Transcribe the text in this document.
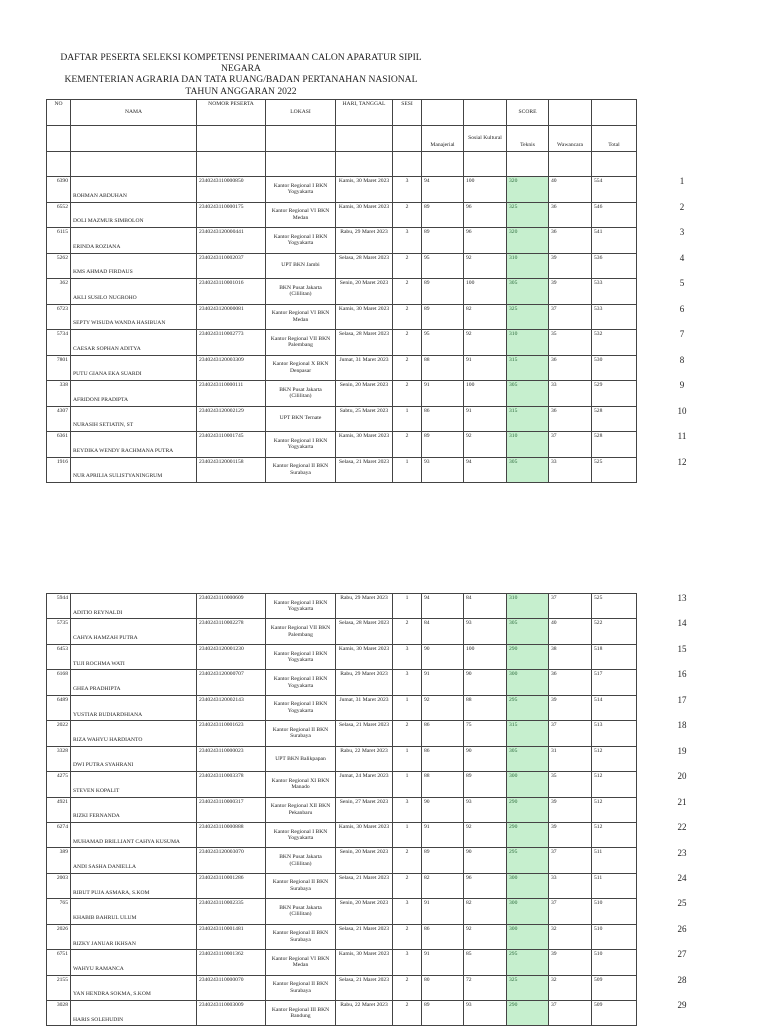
DAFTAR PESERTA SELEKSI KOMPETENSI PENERIMAAN CALON APARATUR SIPIL
NEGARA
KEMENTERIAN AGRARIA DAN TATA RUANG/BADAN PERTANAHAN NASIONAL
TAHUN ANGGARAN 2022
NO	NAMA	NOMOR PESERTA	LOKASI	HARI, TANGGAL	SESI			SCORE		
						Manajerial	Sosial Kultural	Teknis	Wawancara	Total

6390	ROHMAN ABDUHAN	2340243110000850	Kantor Regional I BKN Yogyakarta	Kamis, 30 Maret 2023	3	94	100	320	40	554
6552	DOLI MAZMUR SIMBOLON	2340243110000175	Kantor Regional VI BKN Medan	Kamis, 30 Maret 2023	2	89	96	325	36	546
6115	ERINDA ROZIANA	2340243120000441	Kantor Regional I BKN Yogyakarta	Rabu, 29 Maret 2023	3	89	96	320	36	541
5262	KMS AHMAD FIRDAUS	2340243110002037	UPT BKN Jambi	Selasa, 28 Maret 2023	2	95	92	310	39	536
362	AKLI SUSILO NUGROHO	2340243110001016	BKN Pusat Jakarta (Cililitan)	Senin, 20 Maret 2023	2	89	100	305	39	533
6723	SEPTY WISUDA WANDA HASIBUAN	2340243120000081	Kantor Regional VI BKN Medan	Kamis, 30 Maret 2023	2	89	82	325	37	533
5734	CAESAR SOPHAN ADITYA	2340243110002773	Kantor Regional VII BKN Palembang	Selasa, 28 Maret 2023	2	95	92	310	35	532
7801	PUTU GIANA EKA SUARDI	2340243120003309	Kantor Regional X BKN Denpasar	Jumat, 31 Maret 2023	2	88	91	315	36	530
338	AFRIDONI PRADIPTA	2340243110000111	BKN Pusat Jakarta (Cililitan)	Senin, 20 Maret 2023	2	91	100	305	33	529
4307	NURASIH SETIATIN, ST	2340243120002129	UPT BKN Ternate	Sabtu, 25 Maret 2023	1	86	91	315	36	528
6361	REYDIKA WENDY RACHMANA PUTRA	2340243110001745	Kantor Regional I BKN Yogyakarta	Kamis, 30 Maret 2023	2	89	92	310	37	528
1916	NUR APRILIA SULISTYANINGRUM	2340243120001158	Kantor Regional II BKN Surabaya	Selasa, 21 Maret 2023	1	93	94	305	33	525
5944	ADITIO REYNALDI	2340243110000609	Kantor Regional I BKN Yogyakarta	Rabu, 29 Maret 2023	1	94	84	310	37	525
5735	CAHYA HAMZAH PUTRA	2340243110002278	Kantor Regional VII BKN Palembang	Selasa, 28 Maret 2023	2	84	93	305	40	522
6453	TUJI ROCHMA WATI	2340243120001230	Kantor Regional I BKN Yogyakarta	Kamis, 30 Maret 2023	3	90	100	290	38	518
6168	GHEA PRADHIPTA	2340243120000707	Kantor Regional I BKN Yogyakarta	Rabu, 29 Maret 2023	3	91	90	300	36	517
6489	YUSTIAR BUDIARDHIANA	2340243120002143	Kantor Regional I BKN Yogyakarta	Jumat, 31 Maret 2023	1	92	88	295	39	514
2022	RIZA WAHYU HARDIANTO	2340243110001623	Kantor Regional II BKN Surabaya	Selasa, 21 Maret 2023	2	86	75	315	37	513
3328	DWI PUTRA SYAHRANI	2340243110000023	UPT BKN Balikpapan	Rabu, 22 Maret 2023	1	86	90	305	31	512
4275	STEVEN KOPALIT	2340243110003378	Kantor Regional XI BKN Manado	Jumat, 24 Maret 2023	1	88	89	300	35	512
4921	RIZKI FERNANDA	2340243110000317	Kantor Regional XII BKN Pekanbaru	Senin, 27 Maret 2023	3	90	93	290	39	512
6274	MUHAMAD BRILLIANT CAHYA KUSUMA	2340243110000888	Kantor Regional I BKN Yogyakarta	Kamis, 30 Maret 2023	1	91	92	290	39	512
389	ANDI SASHA DANIELLA	2340243120003070	BKN Pusat Jakarta (Cililitan)	Senin, 20 Maret 2023	2	89	90	295	37	511
2003	RIBUT PUJA ASMARA, S.KOM	2340243110001286	Kantor Regional II BKN Surabaya	Selasa, 21 Maret 2023	2	82	96	300	33	511
765	KHABIB BAHRUL ULUM	2340243110002335	BKN Pusat Jakarta (Cililitan)	Senin, 20 Maret 2023	3	91	82	300	37	510
2026	RIZKY JANUAR IKHSAN	2340243110001481	Kantor Regional II BKN Surabaya	Selasa, 21 Maret 2023	2	86	92	300	32	510
6751	WAHYU RAMANCA	2340243110001362	Kantor Regional VI BKN Medan	Kamis, 30 Maret 2023	3	91	85	295	39	510
2155	YAN HENDRA SOKMA, S.KOM	2340243110000070	Kantor Regional II BKN Surabaya	Selasa, 21 Maret 2023	2	80	72	325	32	509
3028	HARIS SOLEHUDIN	2340243110003009	Kantor Regional III BKN Bandung	Rabu, 22 Maret 2023	2	89	93	290	37	509
1
2
3
4
5
6
7
8
9
10
11
12
13
14
15
16
17
18
19
20
21
22
23
24
25
26
27
28
29
